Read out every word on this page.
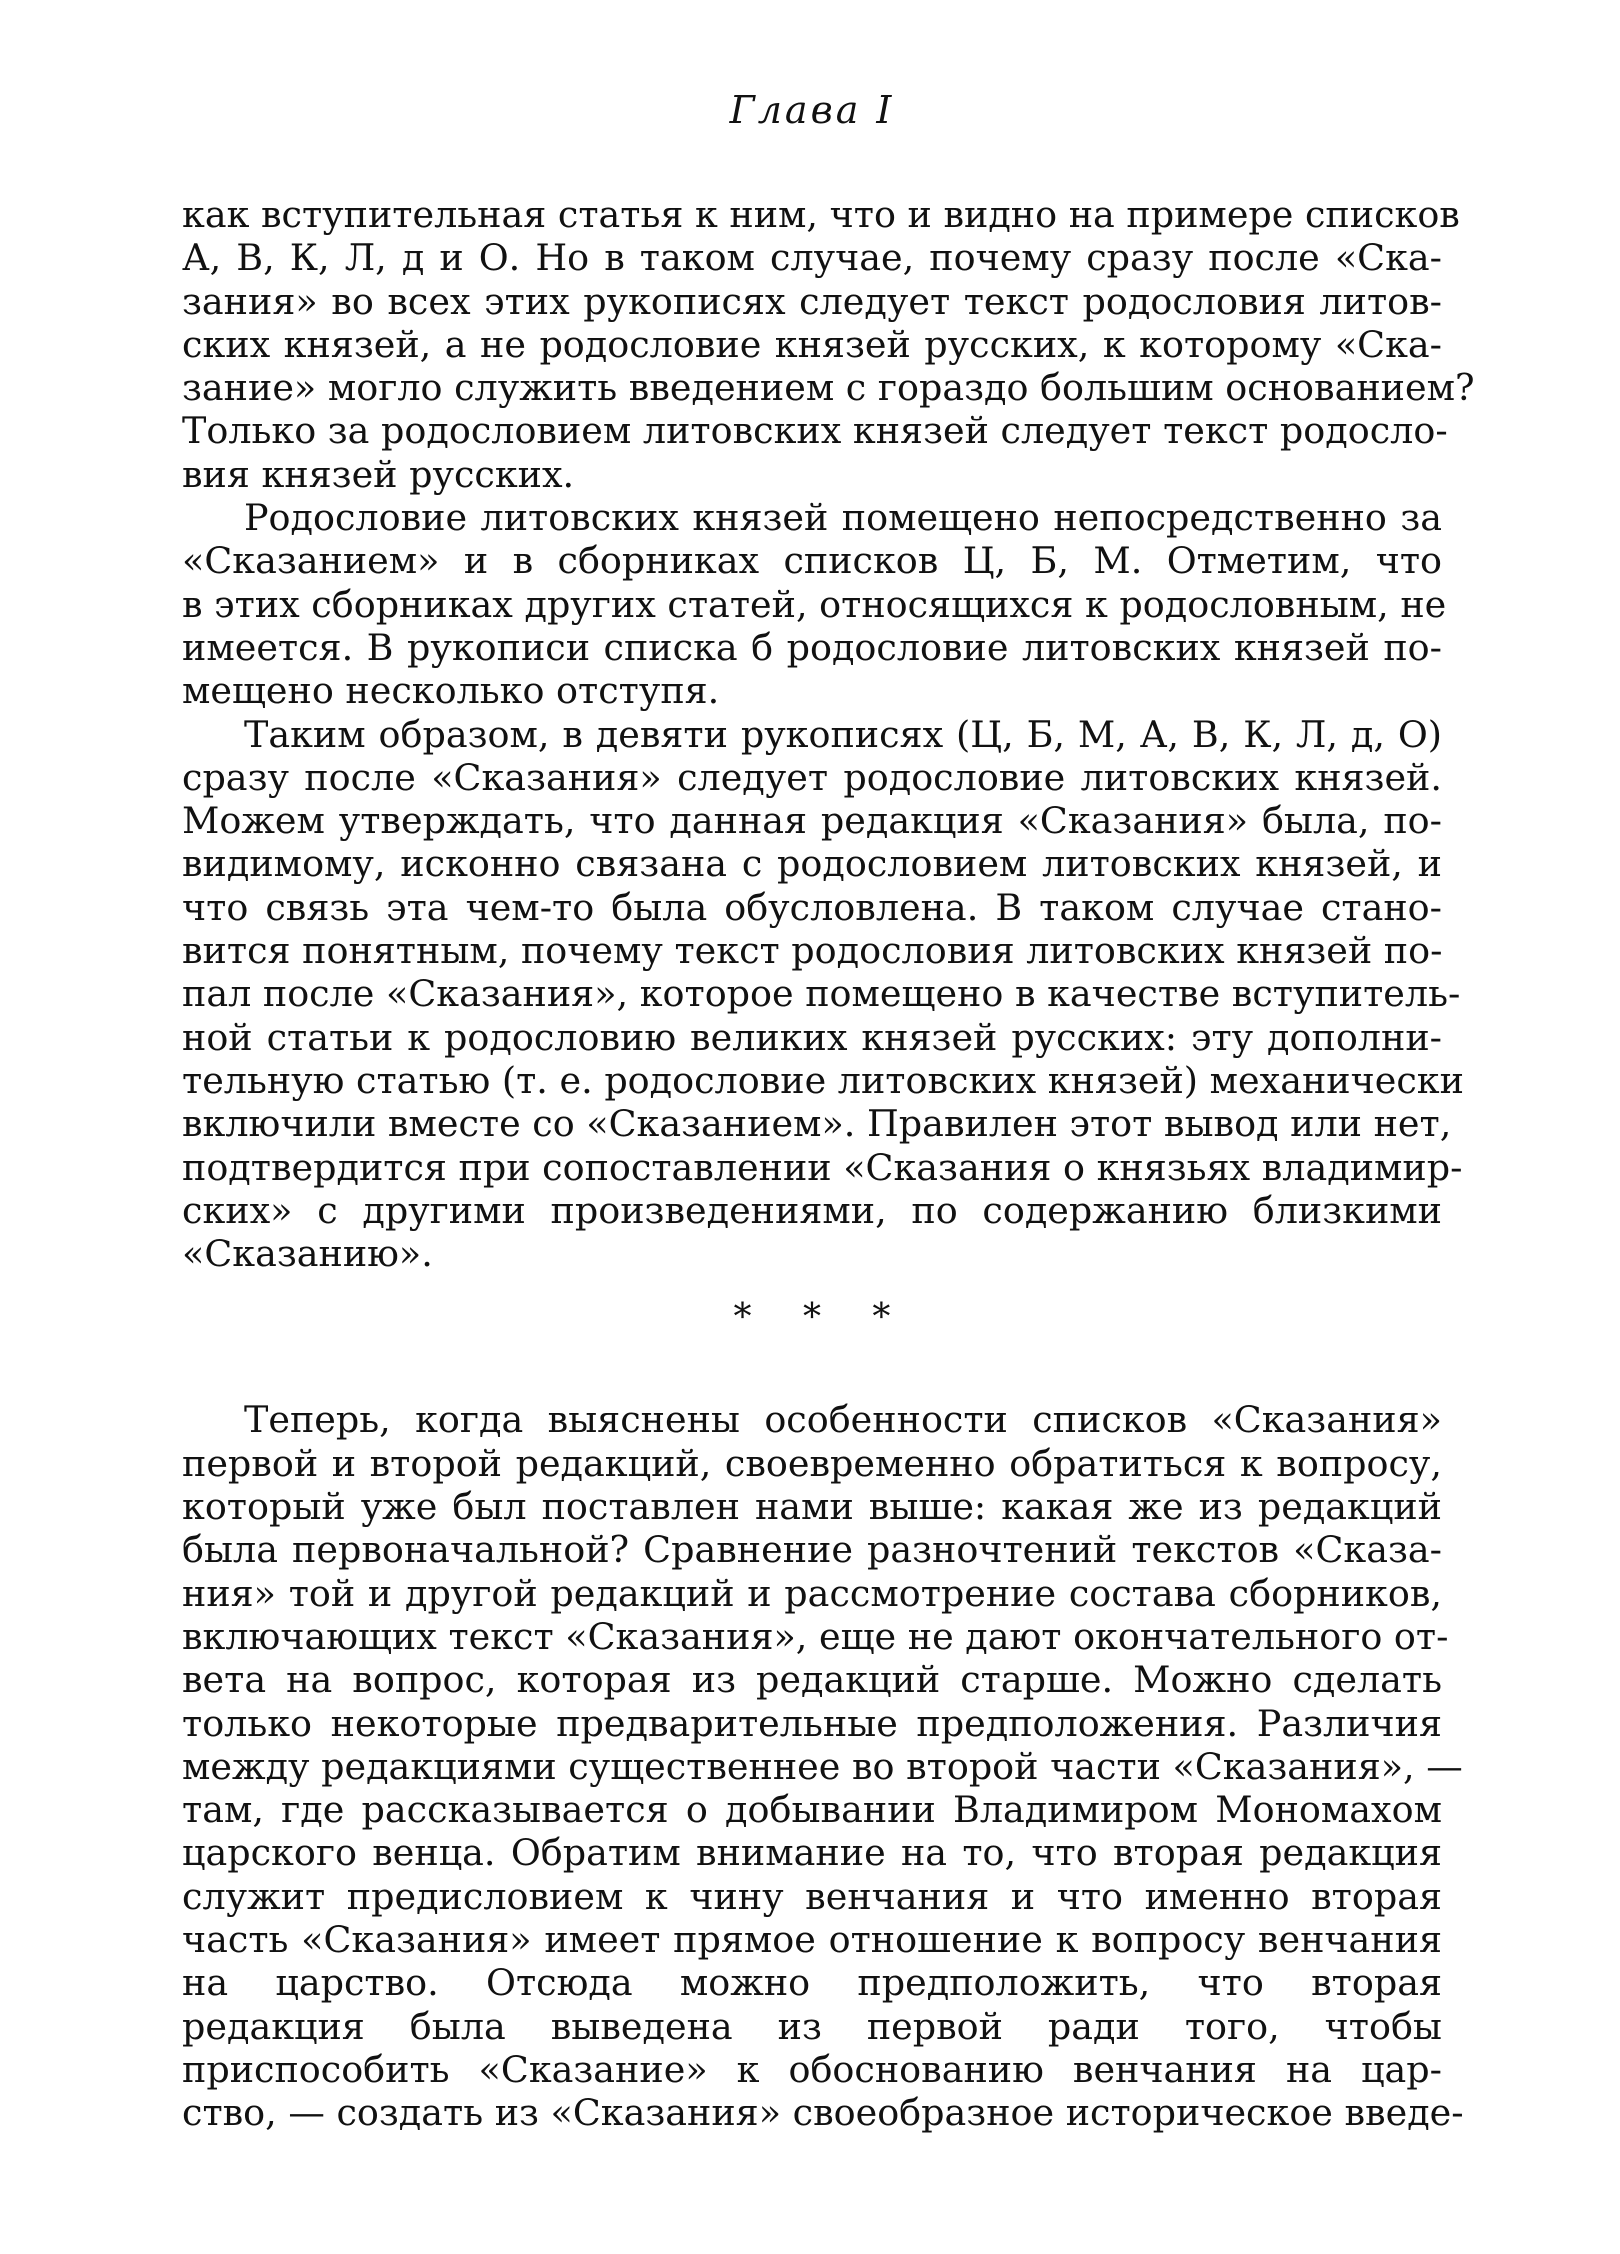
Глава I

как вступительная статья к ним, что и видно на примере списков
А, В, К, Л, д и О. Но в таком случае, почему сразу после «Ска-
зания» во всех этих рукописях следует текст родословия литов-
ских князей, а не родословие князей русских, к которому «Ска-
зание» могло служить введением с гораздо большим основанием?
Только за родословием литовских князей следует текст родосло-
вия князей русских.

Родословие литовских князей помещено непосредственно за
«Сказанием» и в сборниках списков Ц, Б, М. Отметим, что
в этих сборниках других статей, относящихся к родословным, не
имеется. В рукописи списка б родословие литовских князей по-
мещено несколько отступя.

Таким образом, в девяти рукописях (Ц, Б, М, А, В, К, Л, д, О)
сразу после «Сказания» следует родословие литовских князей.
Можем утверждать, что данная редакция «Сказания» была, по-
видимому, исконно связана с родословием литовских князей, и
что связь эта чем-то была обусловлена. В таком случае стано-
вится понятным, почему текст родословия литовских князей по-
пал после «Сказания», которое помещено в качестве вступитель-
ной статьи к родословию великих князей русских: эту дополни-
тельную статью (т. е. родословие литовских князей) механически
включили вместе со «Сказанием». Правилен этот вывод или нет,
подтвердится при сопоставлении «Сказания о князьях владимир-
ских» с другими произведениями, по содержанию близкими
«Сказанию».

* * *

Теперь, когда выяснены особенности списков «Сказания»
первой и второй редакций, своевременно обратиться к вопросу,
который уже был поставлен нами выше: какая же из редакций
была первоначальной? Сравнение разночтений текстов «Сказа-
ния» той и другой редакций и рассмотрение состава сборников,
включающих текст «Сказания», еще не дают окончательного от-
вета на вопрос, которая из редакций старше. Можно сделать
только некоторые предварительные предположения. Различия
между редакциями существеннее во второй части «Сказания», —
там, где рассказывается о добывании Владимиром Мономахом
царского венца. Обратим внимание на то, что вторая редакция
служит предисловием к чину венчания и что именно вторая
часть «Сказания» имеет прямое отношение к вопросу венчания
на царство. Отсюда можно предположить, что вторая
редакция была выведена из первой ради того, чтобы
приспособить «Сказание» к обоснованию венчания на цар-
ство, — создать из «Сказания» своеобразное историческое введе-
